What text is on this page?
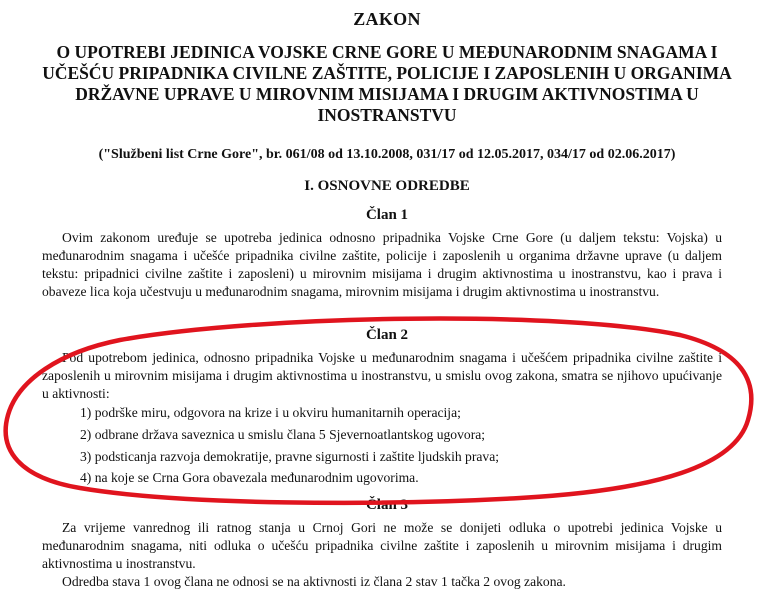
ZAKON
O UPOTREBI JEDINICA VOJSKE CRNE GORE U MEĐUNARODNIM SNAGAMA I UČEŠĆU PRIPADNIKA CIVILNE ZAŠTITE, POLICIJE I ZAPOSLENIH U ORGANIMA DRŽAVNE UPRAVE U MIROVNIM MISIJAMA I DRUGIM AKTIVNOSTIMA U INOSTRANSTVU
("Službeni list Crne Gore", br. 061/08 od 13.10.2008, 031/17 od 12.05.2017, 034/17 od 02.06.2017)
I. OSNOVNE ODREDBE
Član 1
Ovim zakonom uređuje se upotreba jedinica odnosno pripadnika Vojske Crne Gore (u daljem tekstu: Vojska) u međunarodnim snagama i učešće pripadnika civilne zaštite, policije i zaposlenih u organima državne uprave (u daljem tekstu: pripadnici civilne zaštite i zaposleni) u mirovnim misijama i drugim aktivnostima u inostranstvu, kao i prava i obaveze lica koja učestvuju u međunarodnim snagama, mirovnim misijama i drugim aktivnostima u inostranstvu.
Član 2
Pod upotrebom jedinica, odnosno pripadnika Vojske u međunarodnim snagama i učešćem pripadnika civilne zaštite i zaposlenih u mirovnim misijama i drugim aktivnostima u inostranstvu, u smislu ovog zakona, smatra se njihovo upućivanje u aktivnosti:
1) podrške miru, odgovora na krize i u okviru humanitarnih operacija;
2) odbrane država saveznica u smislu člana 5 Sjevernoatlantskog ugovora;
3) podsticanja razvoja demokratije, pravne sigurnosti i zaštite ljudskih prava;
4) na koje se Crna Gora obavezala međunarodnim ugovorima.
Član 3
Za vrijeme vanrednog ili ratnog stanja u Crnoj Gori ne može se donijeti odluka o upotrebi jedinica Vojske u međunarodnim snagama, niti odluka o učešću pripadnika civilne zaštite i zaposlenih u mirovnim misijama i drugim aktivnostima u inostranstvu.
Odredba stava 1 ovog člana ne odnosi se na aktivnosti iz člana 2 stav 1 tačka 2 ovog zakona.
